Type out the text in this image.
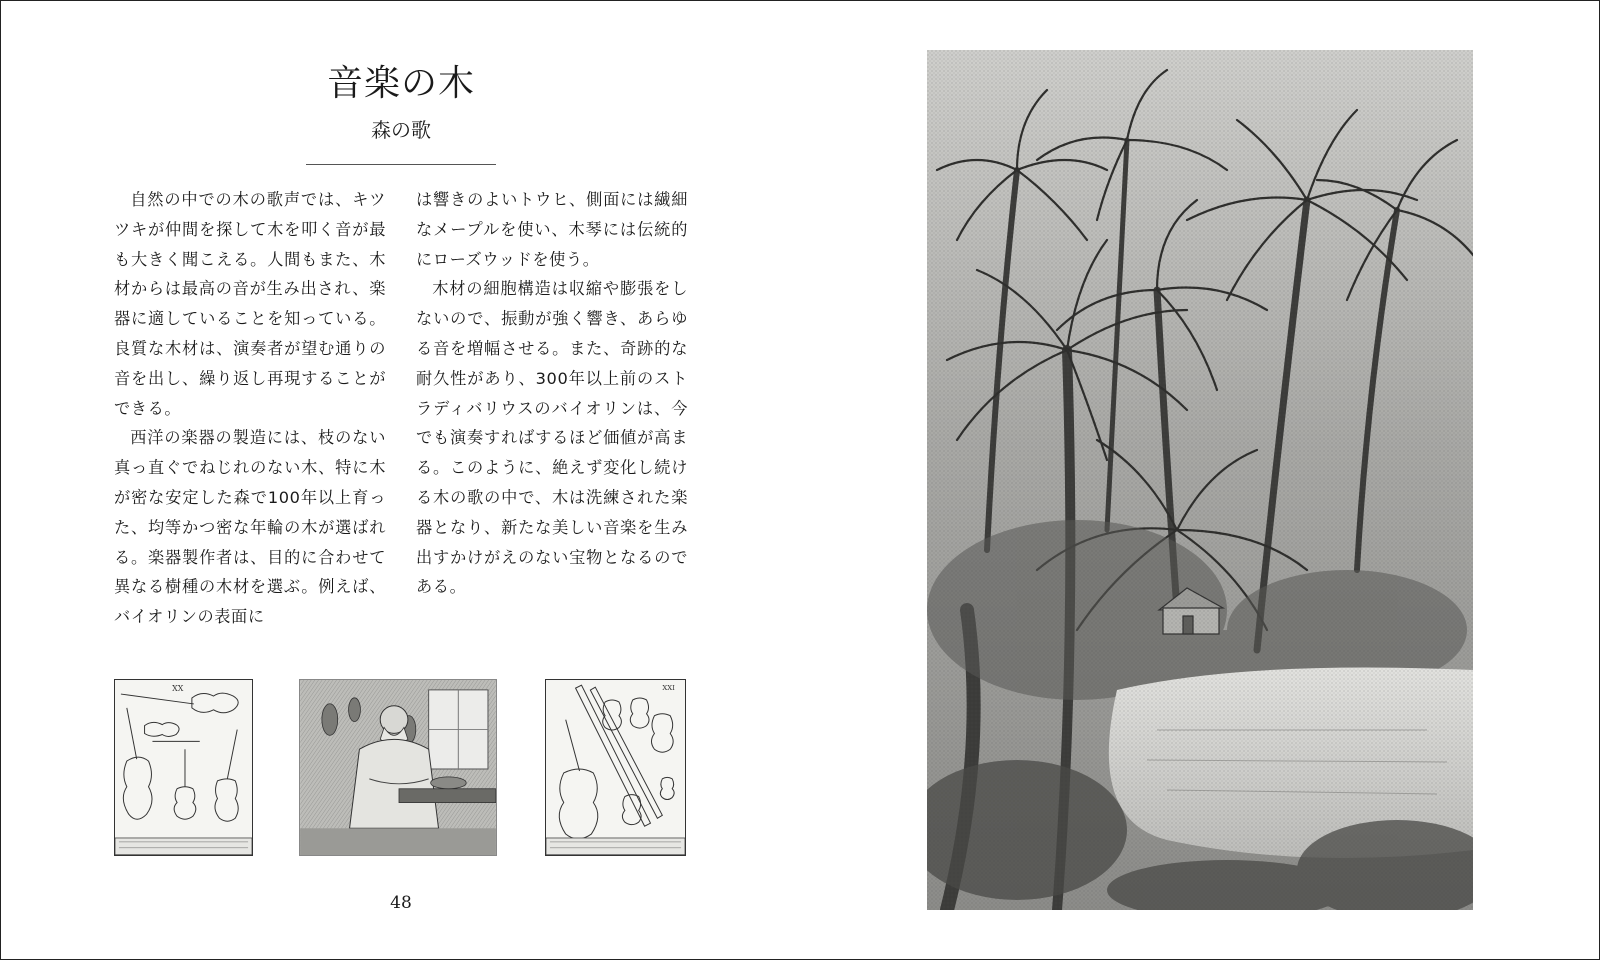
音楽の木
森の歌

自然の中での木の歌声では、キツツキが仲間を探して木を叩く音が最も大きく聞こえる。人間もまた、木材からは最高の音が生み出され、楽器に適していることを知っている。良質な木材は、演奏者が望む通りの音を出し、繰り返し再現することができる。

西洋の楽器の製造には、枝のない真っ直ぐでねじれのない木、特に木が密な安定した森で100年以上育った、均等かつ密な年輪の木が選ばれる。楽器製作者は、目的に合わせて異なる樹種の木材を選ぶ。例えば、バイオリンの表面に

は響きのよいトウヒ、側面には繊細なメープルを使い、木琴には伝統的にローズウッドを使う。

木材の細胞構造は収縮や膨張をしないので、振動が強く響き、あらゆる音を増幅させる。また、奇跡的な耐久性があり、300年以上前のストラディバリウスのバイオリンは、今でも演奏すればするほど価値が高まる。このように、絶えず変化し続ける木の歌の中で、木は洗練された楽器となり、新たな美しい音楽を生み出すかけがえのない宝物となるのである。

XX	XXI
48
